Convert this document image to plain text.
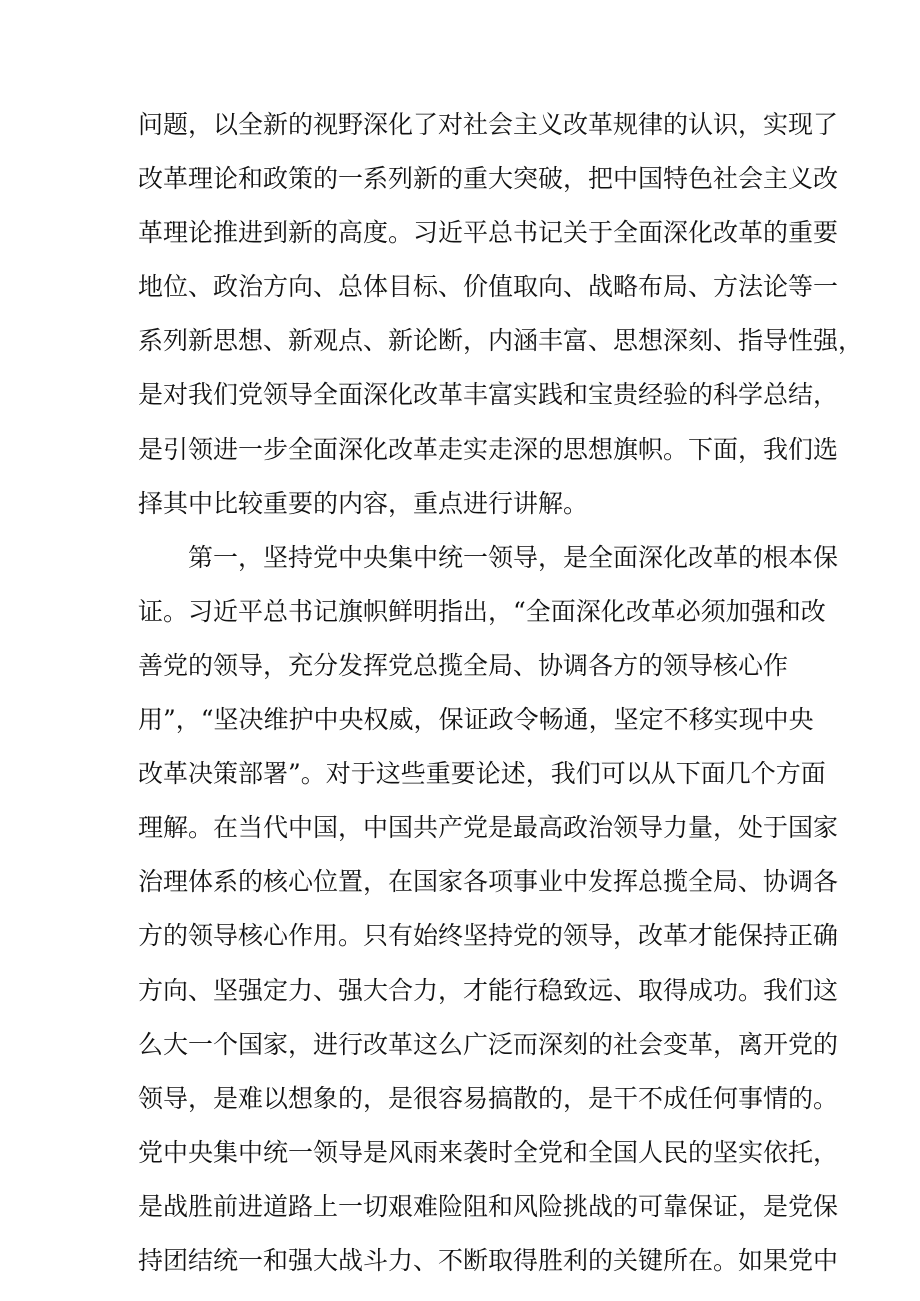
问题，以全新的视野深化了对社会主义改革规律的认识，实现了
改革理论和政策的一系列新的重大突破，把中国特色社会主义改
革理论推进到新的高度。习近平总书记关于全面深化改革的重要
地位、政治方向、总体目标、价值取向、战略布局、方法论等一
系列新思想、新观点、新论断，内涵丰富、思想深刻、指导性强，
是对我们党领导全面深化改革丰富实践和宝贵经验的科学总结，
是引领进一步全面深化改革走实走深的思想旗帜。下面，我们选
择其中比较重要的内容，重点进行讲解。
第一，坚持党中央集中统一领导，是全面深化改革的根本保
证。习近平总书记旗帜鲜明指出，“全面深化改革必须加强和改
善党的领导，充分发挥党总揽全局、协调各方的领导核心作
用”，“坚决维护中央权威，保证政令畅通，坚定不移实现中央
改革决策部署”。对于这些重要论述，我们可以从下面几个方面
理解。在当代中国，中国共产党是最高政治领导力量，处于国家
治理体系的核心位置，在国家各项事业中发挥总揽全局、协调各
方的领导核心作用。只有始终坚持党的领导，改革才能保持正确
方向、坚强定力、强大合力，才能行稳致远、取得成功。我们这
么大一个国家，进行改革这么广泛而深刻的社会变革，离开党的
领导，是难以想象的，是很容易搞散的，是干不成任何事情的。
党中央集中统一领导是风雨来袭时全党和全国人民的坚实依托，
是战胜前进道路上一切艰难险阻和风险挑战的可靠保证，是党保
持团结统一和强大战斗力、不断取得胜利的关键所在。如果党中
